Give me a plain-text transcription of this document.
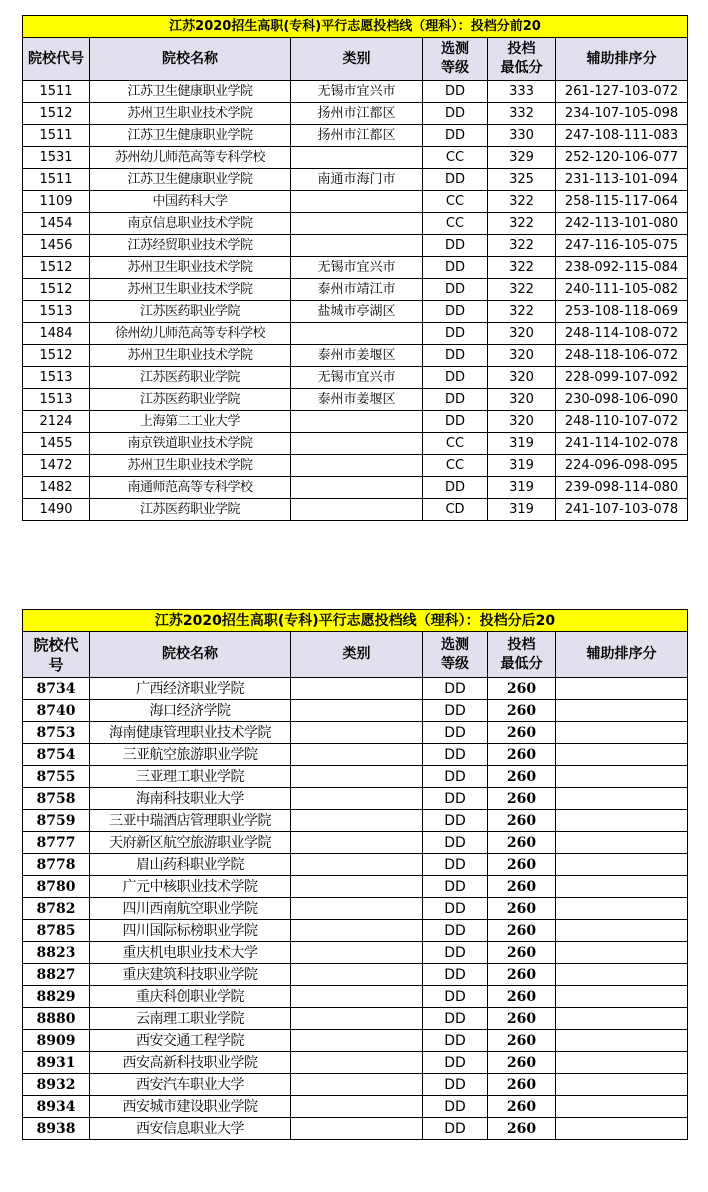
江苏2020招生高职(专科)平行志愿投档线（理科）：投档分前20					
院校代号	院校名称	类别	选测
等级	投档
最低分	辅助排序分
1511	江苏卫生健康职业学院	无锡市宜兴市	DD	333	261-127-103-072
1512	苏州卫生职业技术学院	扬州市江都区	DD	332	234-107-105-098
1511	江苏卫生健康职业学院	扬州市江都区	DD	330	247-108-111-083
1531	苏州幼儿师范高等专科学校		CC	329	252-120-106-077
1511	江苏卫生健康职业学院	南通市海门市	DD	325	231-113-101-094
1109	中国药科大学		CC	322	258-115-117-064
1454	南京信息职业技术学院		CC	322	242-113-101-080
1456	江苏经贸职业技术学院		DD	322	247-116-105-075
1512	苏州卫生职业技术学院	无锡市宜兴市	DD	322	238-092-115-084
1512	苏州卫生职业技术学院	泰州市靖江市	DD	322	240-111-105-082
1513	江苏医药职业学院	盐城市亭湖区	DD	322	253-108-118-069
1484	徐州幼儿师范高等专科学校		DD	320	248-114-108-072
1512	苏州卫生职业技术学院	泰州市姜堰区	DD	320	248-118-106-072
1513	江苏医药职业学院	无锡市宜兴市	DD	320	228-099-107-092
1513	江苏医药职业学院	泰州市姜堰区	DD	320	230-098-106-090
2124	上海第二工业大学		DD	320	248-110-107-072
1455	南京铁道职业技术学院		CC	319	241-114-102-078
1472	苏州卫生职业技术学院		CC	319	224-096-098-095
1482	南通师范高等专科学校		DD	319	239-098-114-080
1490	江苏医药职业学院		CD	319	241-107-103-078
江苏2020招生高职(专科)平行志愿投档线（理科）：投档分后20					
院校代
号	院校名称	类别	选测
等级	投档
最低分	辅助排序分
8734	广西经济职业学院		DD	260	
8740	海口经济学院		DD	260	
8753	海南健康管理职业技术学院		DD	260	
8754	三亚航空旅游职业学院		DD	260	
8755	三亚理工职业学院		DD	260	
8758	海南科技职业大学		DD	260	
8759	三亚中瑞酒店管理职业学院		DD	260	
8777	天府新区航空旅游职业学院		DD	260	
8778	眉山药科职业学院		DD	260	
8780	广元中核职业技术学院		DD	260	
8782	四川西南航空职业学院		DD	260	
8785	四川国际标榜职业学院		DD	260	
8823	重庆机电职业技术大学		DD	260	
8827	重庆建筑科技职业学院		DD	260	
8829	重庆科创职业学院		DD	260	
8880	云南理工职业学院		DD	260	
8909	西安交通工程学院		DD	260	
8931	西安高新科技职业学院		DD	260	
8932	西安汽车职业大学		DD	260	
8934	西安城市建设职业学院		DD	260	
8938	西安信息职业大学		DD	260	
